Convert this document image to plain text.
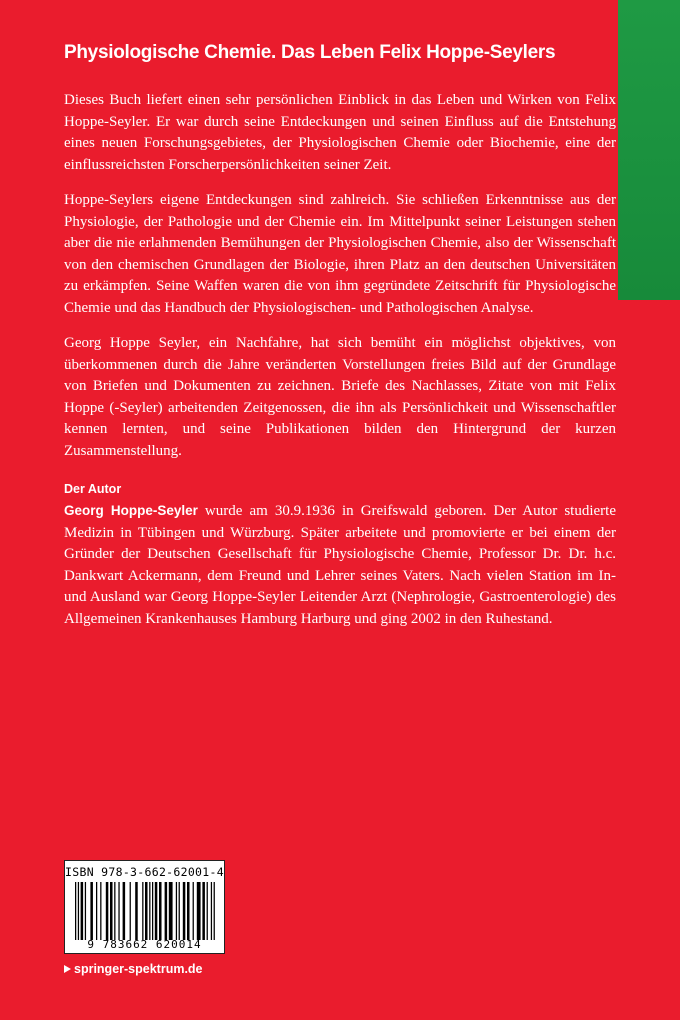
Physiologische Chemie. Das Leben Felix Hoppe-Seylers

Dieses Buch liefert einen sehr persönlichen Einblick in das Leben und Wirken von Felix Hoppe-Seyler. Er war durch seine Entdeckungen und seinen Einfluss auf die Entstehung eines neuen Forschungsgebietes, der Physiologischen Chemie oder Biochemie, eine der einflussreichsten Forscherpersönlichkeiten seiner Zeit.

Hoppe-Seylers eigene Entdeckungen sind zahlreich. Sie schließen Erkenntnisse aus der Physiologie, der Pathologie und der Chemie ein. Im Mittelpunkt seiner Leistungen stehen aber die nie erlahmenden Bemühungen der Physiologischen Chemie, also der Wissenschaft von den chemischen Grundlagen der Biologie, ihren Platz an den deutschen Universitäten zu erkämpfen. Seine Waffen waren die von ihm gegründete Zeitschrift für Physiologische Chemie und das Handbuch der Physiologischen- und Pathologischen Analyse.

Georg Hoppe Seyler, ein Nachfahre, hat sich bemüht ein möglichst objektives, von überkommenen durch die Jahre veränderten Vorstellungen freies Bild auf der Grundlage von Briefen und Dokumenten zu zeichnen. Briefe des Nachlasses, Zitate von mit Felix Hoppe (-Seyler) arbeitenden Zeitgenossen, die ihn als Persönlichkeit und Wissenschaftler kennen lernten, und seine Publikationen bilden den Hintergrund der kurzen Zusammenstellung.

Der Autor

Georg Hoppe-Seyler wurde am 30.9.1936 in Greifswald geboren. Der Autor studierte Medizin in Tübingen und Würzburg. Später arbeitete und promovierte er bei einem der Gründer der Deutschen Gesellschaft für Physiologische Chemie, Professor Dr. Dr. h.c. Dankwart Ackermann, dem Freund und Lehrer seines Vaters. Nach vielen Station im In- und Ausland war Georg Hoppe-Seyler Leitender Arzt (Nephrologie, Gastroenterologie) des Allgemeinen Krankenhauses Hamburg Harburg und ging 2002 in den Ruhestand.

ISBN 978-3-662-62001-4
9 783662 620014
springer-spektrum.de
